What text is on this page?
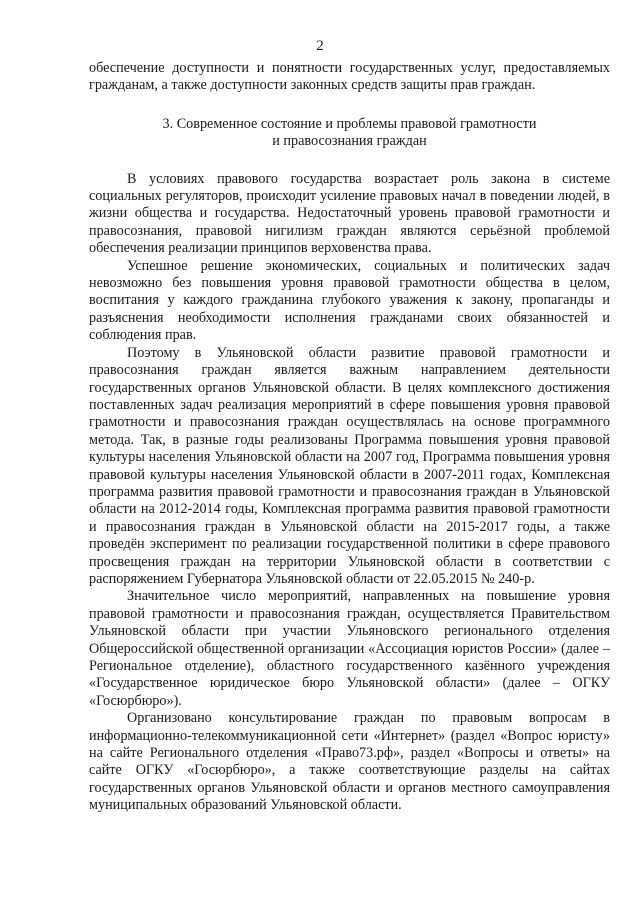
2

обеспечение доступности и понятности государственных услуг, предоставляемых гражданам, а также доступности законных средств защиты прав граждан.

3. Современное состояние и проблемы правовой грамотности
и правосознания граждан

В условиях правового государства возрастает роль закона в системе социальных регуляторов, происходит усиление правовых начал в поведении людей, в жизни общества и государства. Недостаточный уровень правовой грамотности и правосознания, правовой нигилизм граждан являются серьёзной проблемой обеспечения реализации принципов верховенства права.

Успешное решение экономических, социальных и политических задач невозможно без повышения уровня правовой грамотности общества в целом, воспитания у каждого гражданина глубокого уважения к закону, пропаганды и разъяснения необходимости исполнения гражданами своих обязанностей и соблюдения прав.

Поэтому в Ульяновской области развитие правовой грамотности и правосознания граждан является важным направлением деятельности государственных органов Ульяновской области. В целях комплексного достижения поставленных задач реализация мероприятий в сфере повышения уровня правовой грамотности и правосознания граждан осуществлялась на основе программного метода. Так, в разные годы реализованы Программа повышения уровня правовой культуры населения Ульяновской области на 2007 год, Программа повышения уровня правовой культуры населения Ульяновской области в 2007-2011 годах, Комплексная программа развития правовой грамотности и правосознания граждан в Ульяновской области на 2012-2014 годы, Комплексная программа развития правовой грамотности и правосознания граждан в Ульяновской области на 2015-2017 годы, а также проведён эксперимент по реализации государственной политики в сфере правового просвещения граждан на территории Ульяновской области в соответствии с распоряжением Губернатора Ульяновской области от 22.05.2015 № 240-р.

Значительное число мероприятий, направленных на повышение уровня правовой грамотности и правосознания граждан, осуществляется Правительством Ульяновской области при участии Ульяновского регионального отделения Общероссийской общественной организации «Ассоциация юристов России» (далее – Региональное отделение), областного государственного казённого учреждения «Государственное юридическое бюро Ульяновской области» (далее – ОГКУ «Госюрбюро»).

Организовано консультирование граждан по правовым вопросам в информационно-телекоммуникационной сети «Интернет» (раздел «Вопрос юристу» на сайте Регионального отделения «Право73.рф», раздел «Вопросы и ответы» на сайте ОГКУ «Госюрбюро», а также соответствующие разделы на сайтах государственных органов Ульяновской области и органов местного самоуправления муниципальных образований Ульяновской области.
